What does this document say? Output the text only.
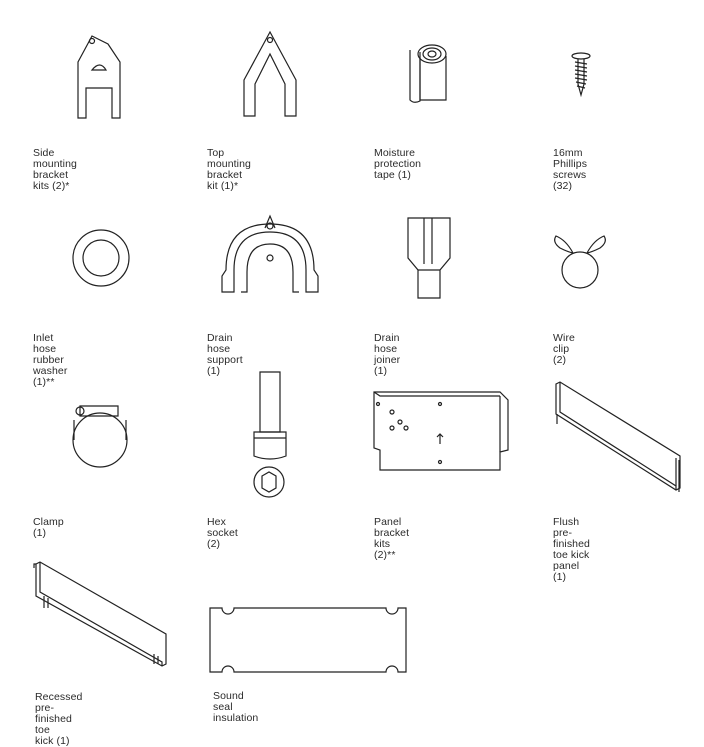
Side mounting bracket
kits (2)*
Top mounting bracket
kit (1)*
Moisture protection
tape (1)
16mm Phillips screws (32)
Inlet hose rubber washer
(1)**
Drain hose support (1)
Drain hose joiner (1)
Wire clip (2)
Clamp (1)
Hex socket (2)
Panel bracket kits (2)**
Flush pre-finished toe kick
panel (1)
Recessed pre-finished toe
kick (1)
Sound seal insulation
